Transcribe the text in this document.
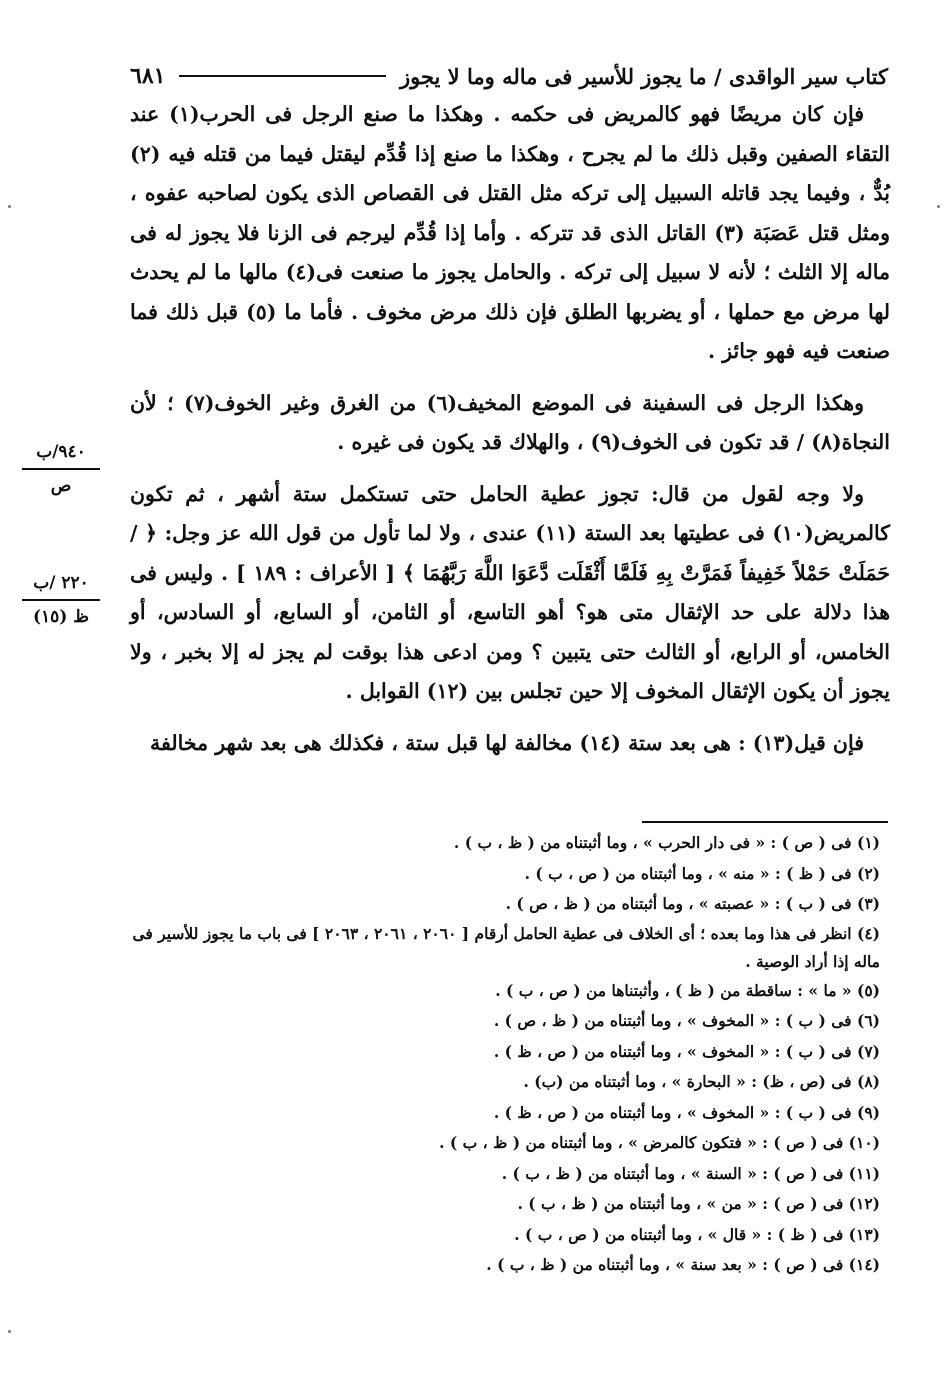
كتاب سير الواقدى / ما يجوز للأسير فى ماله وما لا يجوز
٦٨١

فإن كان مريضًا فهو كالمريض فى حكمه . وهكذا ما صنع الرجل فى الحرب(١) عند التقاء الصفين وقبل ذلك ما لم يجرح ، وهكذا ما صنع إذا قُدِّم ليقتل فيما من قتله فيه (٢) بُدٌّ ، وفيما يجد قاتله السبيل إلى تركه مثل القتل فى القصاص الذى يكون لصاحبه عفوه ، ومثل قتل عَصَبَة (٣) القاتل الذى قد تتركه . وأما إذا قُدِّم ليرجم فى الزنا فلا يجوز له فى ماله إلا الثلث ؛ لأنه لا سبيل إلى تركه . والحامل يجوز ما صنعت فى(٤) مالها ما لم يحدث لها مرض مع حملها ، أو يضربها الطلق فإن ذلك مرض مخوف . فأما ما (٥) قبل ذلك فما صنعت فيه فهو جائز .

وهكذا الرجل فى السفينة فى الموضع المخيف(٦) من الغرق وغير الخوف(٧) ؛ لأن النجاة(٨) / قد تكون فى الخوف(٩) ، والهلاك قد يكون فى غيره .

ولا وجه لقول من قال: تجوز عطية الحامل حتى تستكمل ستة أشهر ، ثم تكون كالمريض(١٠) فى عطيتها بعد الستة (١١) عندى ، ولا لما تأول من قول الله عز وجل: ﴿ / حَمَلَتْ حَمْلاً خَفِيفاً فَمَرَّتْ بِهِ فَلَمَّا أَثْقَلَت دَّعَوَا اللَّهَ رَبَّهُمَا ﴾ [ الأعراف : ١٨٩ ] . وليس فى هذا دلالة على حد الإثقال متى هو؟ أهو التاسع، أو الثامن، أو السابع، أو السادس، أو الخامس، أو الرابع، أو الثالث حتى يتبين ؟ ومن ادعى هذا بوقت لم يجز له إلا بخبر ، ولا يجوز أن يكون الإثقال المخوف إلا حين تجلس بين (١٢) القوابل .

فإن قيل(١٣) : هى بعد ستة (١٤) مخالفة لها قبل ستة ، فكذلك هى بعد شهر مخالفة

٩٤٠/ب
ص
٢٢٠ /ب
ظ (١٥)
(١) فى ( ص ) : « فى دار الحرب » ، وما أثبتناه من ( ظ ، ب ) .
(٢) فى ( ظ ) : « منه » ، وما أثبتناه من ( ص ، ب ) .
(٣) فى ( ب ) : « عصبته » ، وما أثبتناه من ( ظ ، ص ) .
(٤) انظر فى هذا وما بعده ؛ أى الخلاف فى عطية الحامل أرقام [ ٢٠٦٠ ، ٢٠٦١ ، ٢٠٦٣ ] فى باب ما يجوز للأسير فى ماله إذا أراد الوصية .
(٥) « ما » : ساقطة من ( ظ ) ، وأثبتناها من ( ص ، ب ) .
(٦) فى ( ب ) : « المخوف » ، وما أثبتناه من ( ظ ، ص ) .
(٧) فى ( ب ) : « المخوف » ، وما أثبتناه من ( ص ، ظ ) .
(٨) فى (ص ، ظ) : « البحارة » ، وما أثبتناه من (ب) .
(٩) فى ( ب ) : « المخوف » ، وما أثبتناه من ( ص ، ظ ) .
(١٠) فى ( ص ) : « فتكون كالمرض » ، وما أثبتناه من ( ظ ، ب ) .
(١١) فى ( ص ) : « السنة » ، وما أثبتناه من ( ظ ، ب ) .
(١٢) فى ( ص ) : « من » ، وما أثبتناه من ( ظ ، ب ) .
(١٣) فى ( ظ ) : « قال » ، وما أثبتناه من ( ص ، ب ) .
(١٤) فى ( ص ) : « بعد سنة » ، وما أثبتناه من ( ظ ، ب ) .
